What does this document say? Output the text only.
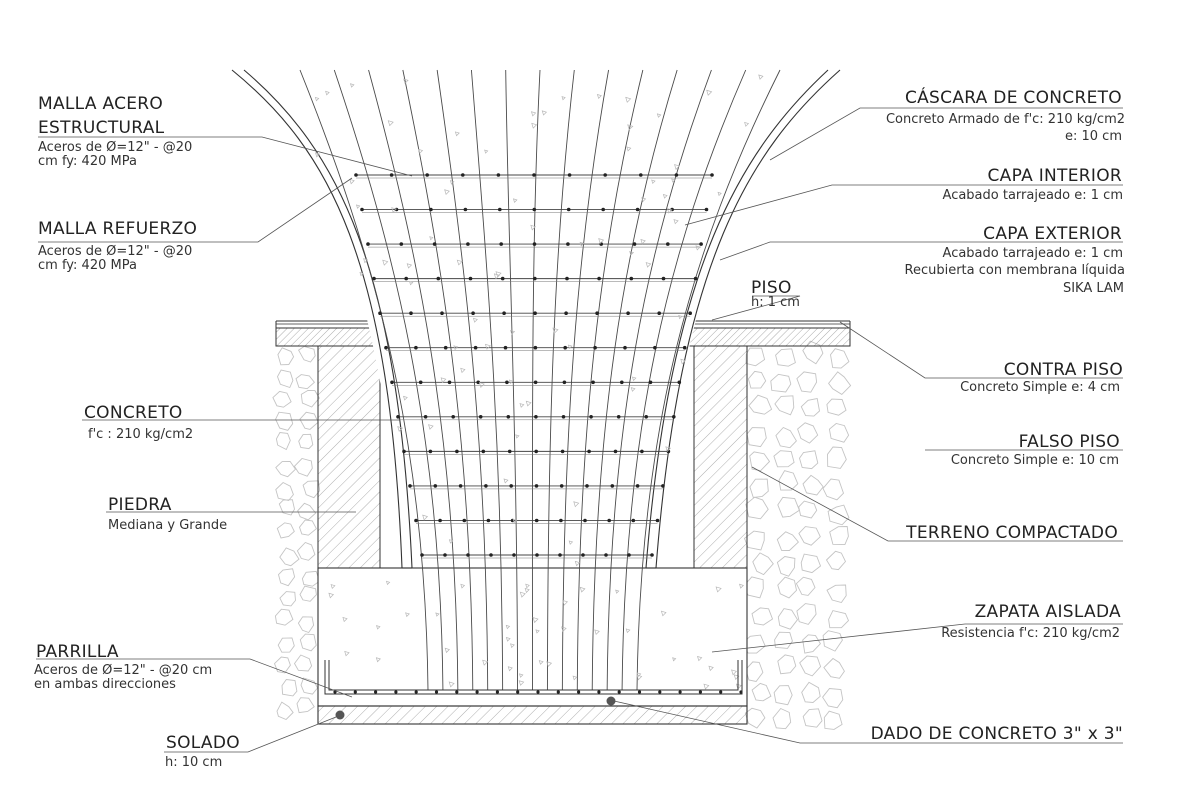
MALLA ACERO
ESTRUCTURAL
Aceros de Ø=12" - @20
cm fy: 420 MPa
MALLA REFUERZO
Aceros de Ø=12" - @20
cm fy: 420 MPa
CONCRETO
f'c : 210 kg/cm2
PIEDRA
Mediana y Grande
PARRILLA
Aceros de Ø=12" - @20 cm
en ambas direcciones
SOLADO
h: 10 cm
CÁSCARA DE CONCRETO
Concreto Armado de f'c: 210 kg/cm2
e: 10 cm
CAPA INTERIOR
Acabado tarrajeado e: 1 cm
CAPA EXTERIOR
Acabado tarrajeado e: 1 cm
Recubierta con membrana líquida
SIKA LAM
PISO
h: 1 cm
CONTRA PISO
Concreto Simple e: 4 cm
FALSO PISO
Concreto Simple e: 10 cm
TERRENO COMPACTADO
ZAPATA AISLADA
Resistencia f'c: 210 kg/cm2
DADO DE CONCRETO 3" x 3"
